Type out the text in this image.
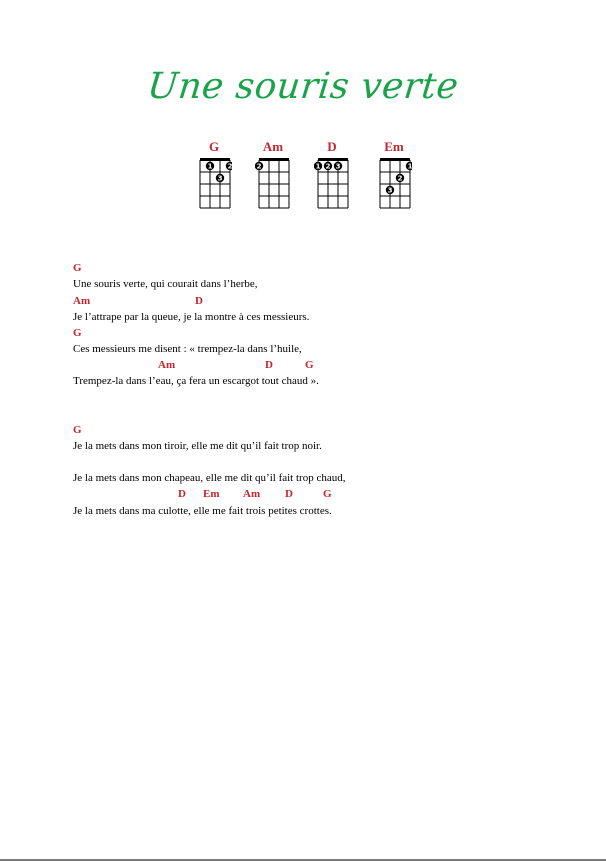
Une souris verte
G
1 2
3
Am
2
D
1 2 3
Em
1
2
3

G

Une souris verte, qui courait dans l’herbe,

Am

	D

Je l’attrape par la queue, je la montre à ces messieurs.

G

Ces messieurs me disent : « trempez-la dans l’huile,

Am

	D

	G

Trempez-la dans l’eau, ça fera un escargot tout chaud ».

G

Je la mets dans mon tiroir, elle me dit qu’il fait trop noir.
Je la mets dans mon chapeau, elle me dit qu’il fait trop chaud,

D

Em

Am

D

	G

Je la mets dans ma culotte, elle me fait trois petites crottes.
